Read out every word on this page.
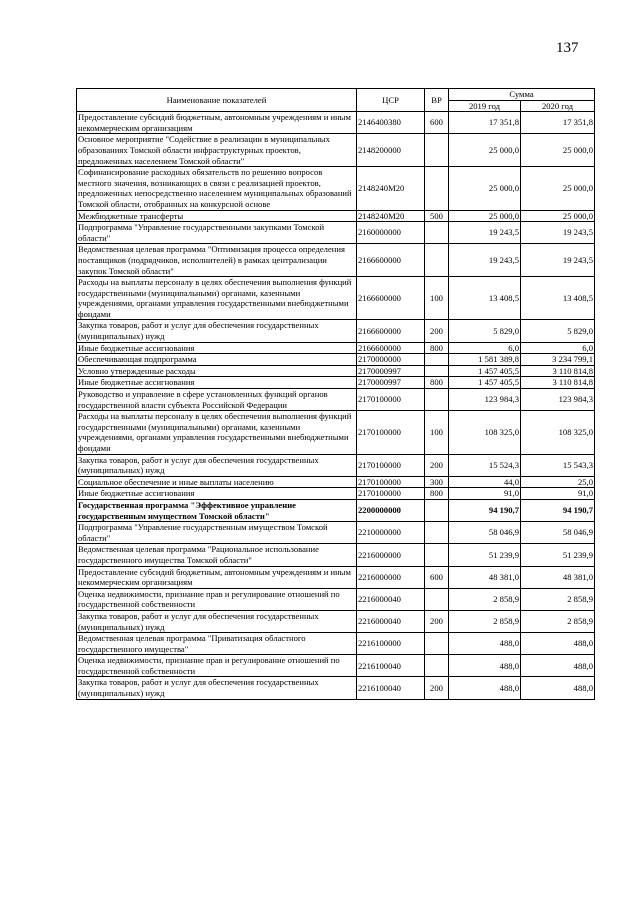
137
Наименование показателей	ЦСР	ВР	Сумма	
			2019 год	2020 год
Предоставление субсидий бюджетным, автономным учреждениям и иным некоммерческим организациям	2146400380	600	17 351,8	17 351,8
Основное мероприятие "Содействие в реализации в муниципальных образованиях Томской области инфраструктурных проектов, предложенных населением Томской области"	2148200000		25 000,0	25 000,0
Софинансирование расходных обязательств по решению вопросов местного значения, возникающих в связи с реализацией проектов, предложенных непосредственно населением муниципальных образований Томской области, отобранных на конкурсной основе	2148240М20		25 000,0	25 000,0
Межбюджетные трансферты	2148240М20	500	25 000,0	25 000,0
Подпрограмма "Управление государственными закупками Томской области"	2160000000		19 243,5	19 243,5
Ведомственная целевая программа "Оптимизация процесса определения поставщиков (подрядчиков, исполнителей) в рамках централизации закупок Томской области"	2166600000		19 243,5	19 243,5
Расходы на выплаты персоналу в целях обеспечения выполнения функций государственными (муниципальными) органами, казенными учреждениями, органами управления государственными внебюджетными фондами	2166600000	100	13 408,5	13 408,5
Закупка товаров, работ и услуг для обеспечения государственных (муниципальных) нужд	2166600000	200	5 829,0	5 829,0
Иные бюджетные ассигнования	2166600000	800	6,0	6,0
Обеспечивающая подпрограмма	2170000000		1 581 389,8	3 234 799,1
Условно утвержденные расходы	2170000997		1 457 405,5	3 110 814,8
Иные бюджетные ассигнования	2170000997	800	1 457 405,5	3 110 814,8
Руководство и управление в сфере установленных функций органов государственной власти субъекта Российской Федерации	2170100000		123 984,3	123 984,3
Расходы на выплаты персоналу в целях обеспечения выполнения функций государственными (муниципальными) органами, казенными учреждениями, органами управления государственными внебюджетными фондами	2170100000	100	108 325,0	108 325,0
Закупка товаров, работ и услуг для обеспечения государственных (муниципальных) нужд	2170100000	200	15 524,3	15 543,3
Социальное обеспечение и иные выплаты населению	2170100000	300	44,0	25,0
Иные бюджетные ассигнования	2170100000	800	91,0	91,0
Государственная программа "Эффективное управление государственным имуществом Томской области"	2200000000		94 190,7	94 190,7
Подпрограмма "Управление государственным имуществом Томской области"	2210000000		58 046,9	58 046,9
Ведомственная целевая программа "Рациональное использование государственного имущества Томской области"	2216000000		51 239,9	51 239,9
Предоставление субсидий бюджетным, автономным учреждениям и иным некоммерческим организациям	2216000000	600	48 381,0	48 381,0
Оценка недвижимости, признание прав и регулирование отношений по государственной собственности	2216000040		2 858,9	2 858,9
Закупка товаров, работ и услуг для обеспечения государственных (муниципальных) нужд	2216000040	200	2 858,9	2 858,9
Ведомственная целевая программа "Приватизация областного государственного имущества"	2216100000		488,0	488,0
Оценка недвижимости, признание прав и регулирование отношений по государственной собственности	2216100040		488,0	488,0
Закупка товаров, работ и услуг для обеспечения государственных (муниципальных) нужд	2216100040	200	488,0	488,0
